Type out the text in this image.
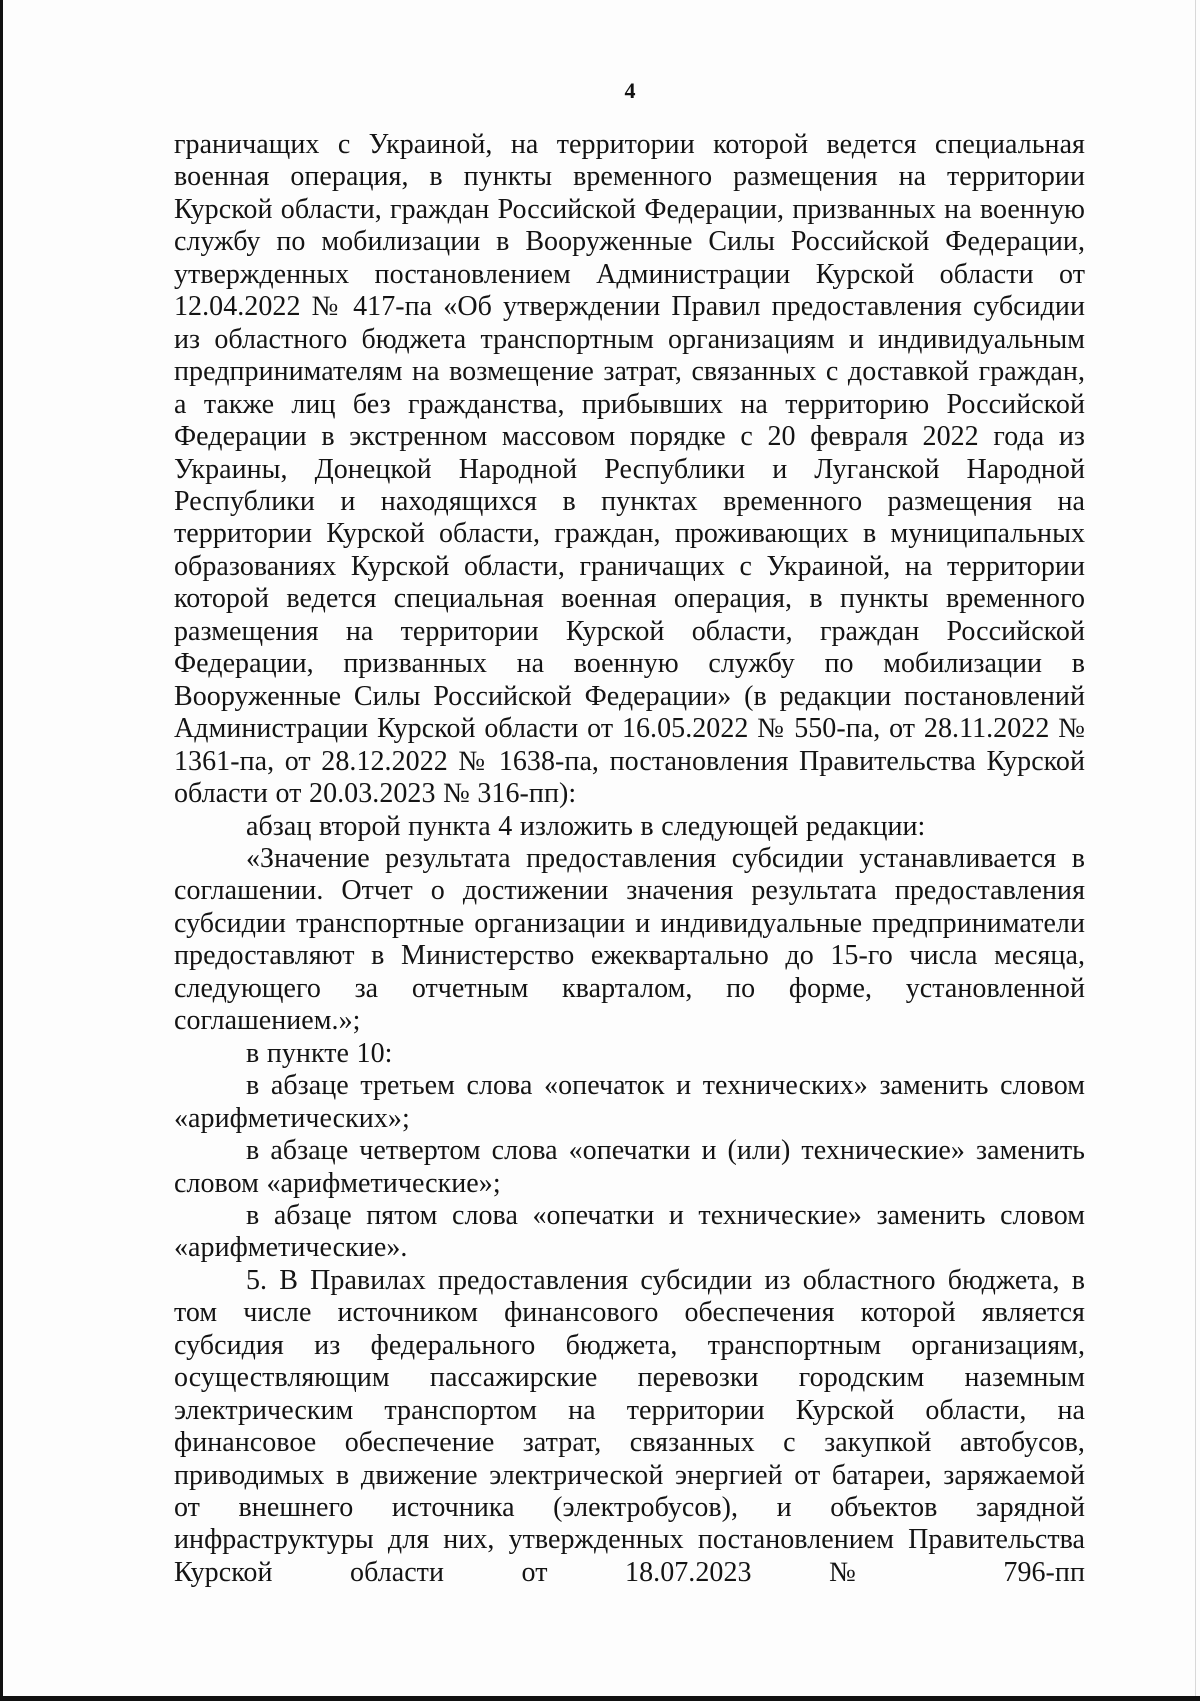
4

граничащих с Украиной, на территории которой ведется специальная военная операция, в пункты временного размещения на территории Курской области, граждан Российской Федерации, призванных на военную службу по мобилизации в Вооруженные Силы Российской Федерации, утвержденных постановлением Администрации Курской области от 12.04.2022 № 417-па «Об утверждении Правил предоставления субсидии из областного бюджета транспортным организациям и индивидуальным предпринимателям на возмещение затрат, связанных с доставкой граждан, а также лиц без гражданства, прибывших на территорию Российской Федерации в экстренном массовом порядке с 20 февраля 2022 года из Украины, Донецкой Народной Республики и Луганской Народной Республики и находящихся в пунктах временного размещения на территории Курской области, граждан, проживающих в муниципальных образованиях Курской области, граничащих с Украиной, на территории которой ведется специальная военная операция, в пункты временного размещения на территории Курской области, граждан Российской Федерации, призванных на военную службу по мобилизации в Вооруженные Силы Российской Федерации» (в редакции постановлений Администрации Курской области от 16.05.2022 № 550-па, от 28.11.2022 № 1361-па, от 28.12.2022 № 1638-па, постановления Правительства Курской области от 20.03.2023 № 316-пп):

абзац второй пункта 4 изложить в следующей редакции:

«Значение результата предоставления субсидии устанавливается в соглашении. Отчет о достижении значения результата предоставления субсидии транспортные организации и индивидуальные предприниматели предоставляют в Министерство ежеквартально до 15-го числа месяца, следующего за отчетным кварталом, по форме, установленной соглашением.»;

в пункте 10:

в абзаце третьем слова «опечаток и технических» заменить словом «арифметических»;

в абзаце четвертом слова «опечатки и (или) технические» заменить словом «арифметические»;

в абзаце пятом слова «опечатки и технические» заменить словом «арифметические».

5. В Правилах предоставления субсидии из областного бюджета, в том числе источником финансового обеспечения которой является субсидия из федерального бюджета, транспортным организациям, осуществляющим пассажирские перевозки городским наземным электрическим транспортом на территории Курской области, на финансовое обеспечение затрат, связанных с закупкой автобусов, приводимых в движение электрической энергией от батареи, заряжаемой от внешнего источника (электробусов), и объектов зарядной инфраструктуры для них, утвержденных постановлением Правительства Курской области от 18.07.2023 № 796-пп
